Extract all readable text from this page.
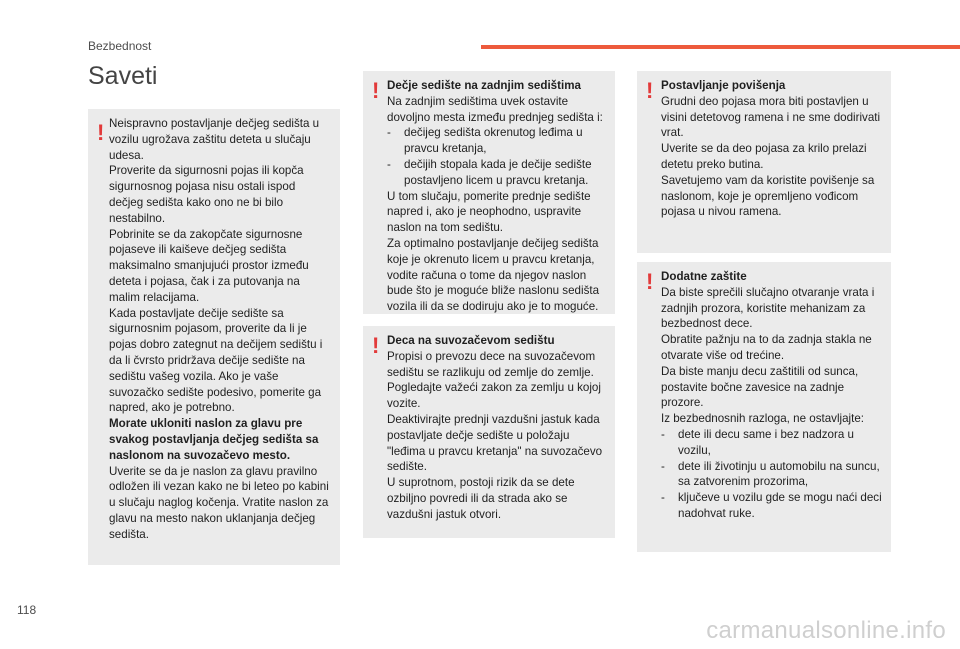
Bezbednost
Saveti
! Neispravno postavljanje dečjeg sedišta u vozilu ugrožava zaštitu deteta u slučaju udesa.

Proverite da sigurnosni pojas ili kopča sigurnosnog pojasa nisu ostali ispod dečjeg sedišta kako ono ne bi bilo nestabilno.

Pobrinite se da zakopčate sigurnosne pojaseve ili kaiševe dečjeg sedišta maksimalno smanjujući prostor između deteta i pojasa, čak i za putovanja na malim relacijama.

Kada postavljate dečije sedište sa sigurnosnim pojasom, proverite da li je pojas dobro zategnut na dečijem sedištu i da li čvrsto pridržava dečije sedište na sedištu vašeg vozila. Ako je vaše suvozačko sedište podesivo, pomerite ga napred, ako je potrebno.

Morate ukloniti naslon za glavu pre svakog postavljanja dečjeg sedišta sa naslonom na suvozačevo mesto.

Uverite se da je naslon za glavu pravilno odložen ili vezan kako ne bi leteo po kabini u slučaju naglog kočenja. Vratite naslon za glavu na mesto nakon uklanjanja dečjeg sedišta.

! Dečje sedište na zadnjim sedištima

Na zadnjim sedištima uvek ostavite dovoljno mesta između prednjeg sedišta i:

- dečijeg sedišta okrenutog leđima u pravcu kretanja,
- dečijih stopala kada je dečije sedište postavljeno licem u pravcu kretanja.

U tom slučaju, pomerite prednje sedište napred i, ako je neophodno, uspravite naslon na tom sedištu.

Za optimalno postavljanje dečijeg sedišta koje je okrenuto licem u pravcu kretanja, vodite računa o tome da njegov naslon bude što je moguće bliže naslonu sedišta vozila ili da se dodiruju ako je to moguće.

! Deca na suvozačevom sedištu

Propisi o prevozu dece na suvozačevom sedištu se razlikuju od zemlje do zemlje. Pogledajte važeći zakon za zemlju u kojoj vozite.

Deaktivirajte prednji vazdušni jastuk kada postavljate dečje sedište u položaju "leđima u pravcu kretanja" na suvozačevo sedište.

U suprotnom, postoji rizik da se dete ozbiljno povredi ili da strada ako se vazdušni jastuk otvori.

! Postavljanje povišenja

Grudni deo pojasa mora biti postavljen u visini detetovog ramena i ne sme dodirivati vrat.

Uverite se da deo pojasa za krilo prelazi detetu preko butina.

Savetujemo vam da koristite povišenje sa naslonom, koje je opremljeno vođicom pojasa u nivou ramena.

! Dodatne zaštite

Da biste sprečili slučajno otvaranje vrata i zadnjih prozora, koristite mehanizam za bezbednost dece.

Obratite pažnju na to da zadnja stakla ne otvarate više od trećine.

Da biste manju decu zaštitili od sunca, postavite bočne zavesice na zadnje prozore.

Iz bezbednosnih razloga, ne ostavljajte:

- dete ili decu same i bez nadzora u vozilu,
- dete ili životinju u automobilu na suncu, sa zatvorenim prozorima,
- ključeve u vozilu gde se mogu naći deci nadohvat ruke.
118
carmanualsonline.info
